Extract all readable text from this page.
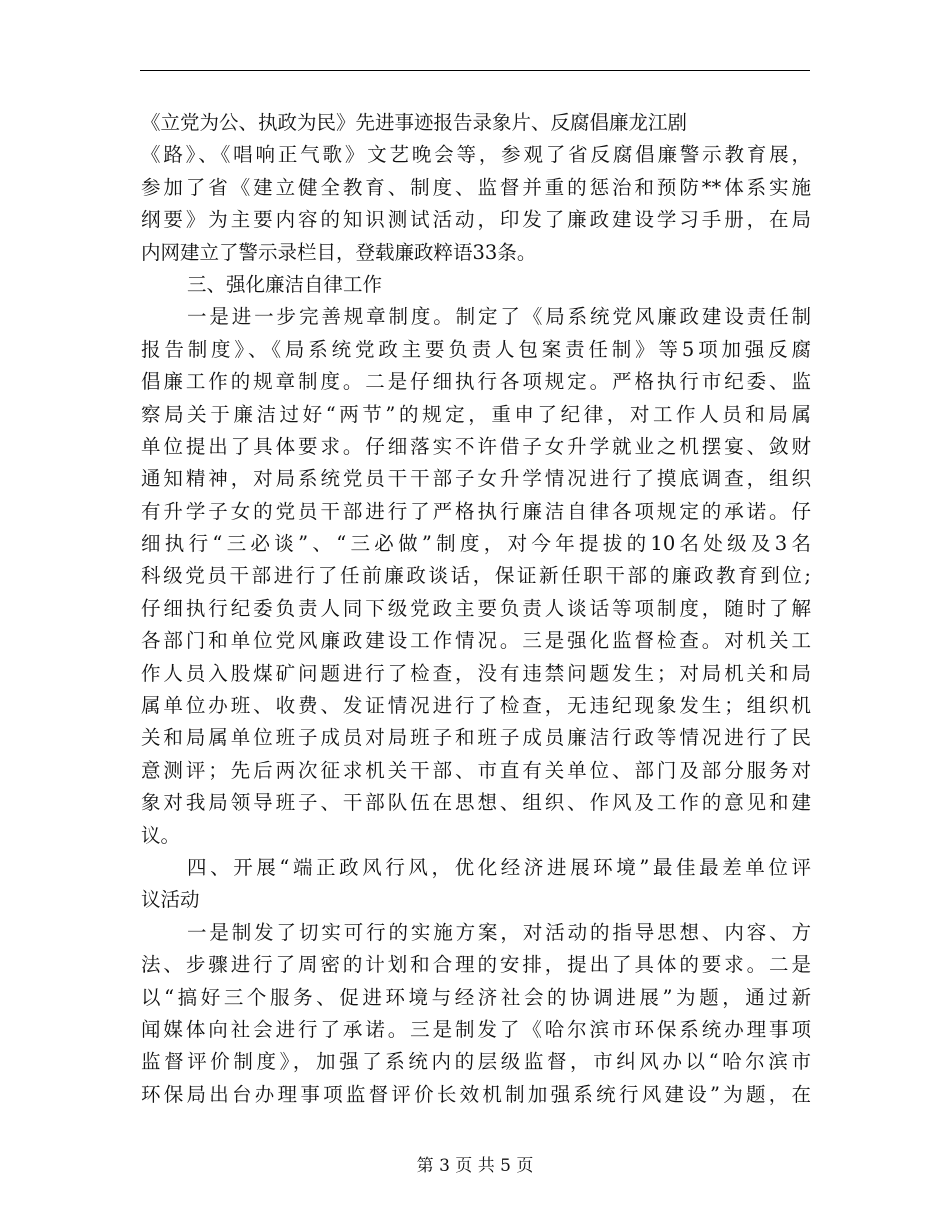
《立党为公、执政为民》先进事迹报告录象片、反腐倡廉龙江剧
《路》、《唱响正气歌》文艺晚会等，参观了省反腐倡廉警示教育展，
参加了省《建立健全教育、制度、监督并重的惩治和预防**体系实施
纲要》为主要内容的知识测试活动，印发了廉政建设学习手册，在局
内网建立了警示录栏目，登载廉政粹语33条。
三、强化廉洁自律工作
一是进一步完善规章制度。制定了《局系统党风廉政建设责任制
报告制度》、《局系统党政主要负责人包案责任制》等5项加强反腐
倡廉工作的规章制度。二是仔细执行各项规定。严格执行市纪委、监
察局关于廉洁过好“两节”的规定，重申了纪律，对工作人员和局属
单位提出了具体要求。仔细落实不许借子女升学就业之机摆宴、敛财
通知精神，对局系统党员干干部子女升学情况进行了摸底调查，组织
有升学子女的党员干部进行了严格执行廉洁自律各项规定的承诺。仔
细执行“三必谈”、“三必做”制度，对今年提拔的10名处级及3名
科级党员干部进行了任前廉政谈话，保证新任职干部的廉政教育到位;
仔细执行纪委负责人同下级党政主要负责人谈话等项制度，随时了解
各部门和单位党风廉政建设工作情况。三是强化监督检查。对机关工
作人员入股煤矿问题进行了检查，没有违禁问题发生；对局机关和局
属单位办班、收费、发证情况进行了检查，无违纪现象发生；组织机
关和局属单位班子成员对局班子和班子成员廉洁行政等情况进行了民
意测评；先后两次征求机关干部、市直有关单位、部门及部分服务对
象对我局领导班子、干部队伍在思想、组织、作风及工作的意见和建
议。
四、开展“端正政风行风，优化经济进展环境”最佳最差单位评
议活动
一是制发了切实可行的实施方案，对活动的指导思想、内容、方
法、步骤进行了周密的计划和合理的安排，提出了具体的要求。二是
以“搞好三个服务、促进环境与经济社会的协调进展”为题，通过新
闻媒体向社会进行了承诺。三是制发了《哈尔滨市环保系统办理事项
监督评价制度》，加强了系统内的层级监督，市纠风办以“哈尔滨市
环保局出台办理事项监督评价长效机制加强系统行风建设”为题，在
第 3 页 共 5 页
